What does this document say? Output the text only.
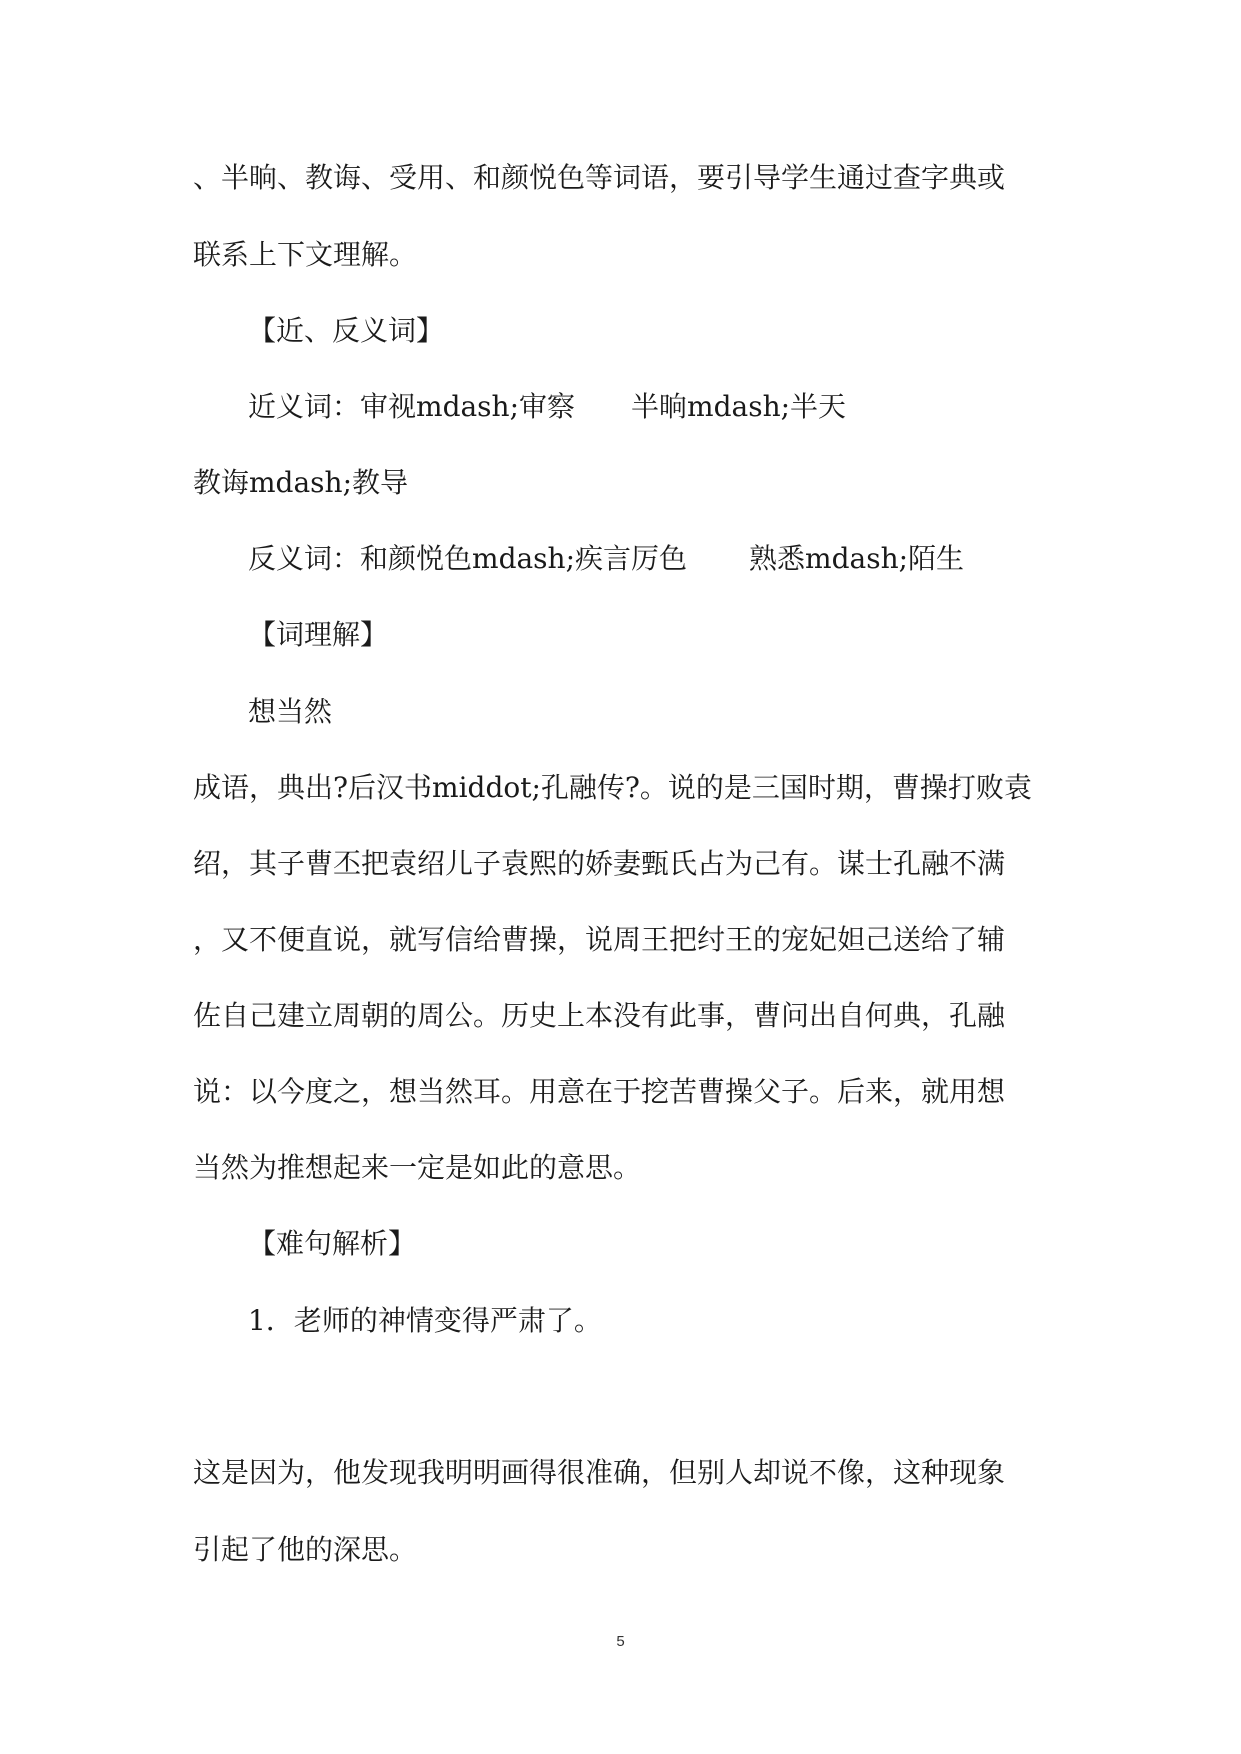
、半晌、教诲、受用、和颜悦色等词语，要引导学生通过查字典或
联系上下文理解。
【近、反义词】
近义词：审视mdash;审察 半晌mdash;半天
教诲mdash;教导
反义词：和颜悦色mdash;疾言厉色 熟悉mdash;陌生
【词理解】
想当然
成语，典出?后汉书middot;孔融传?。说的是三国时期，曹操打败袁
绍，其子曹丕把袁绍儿子袁熙的娇妻甄氏占为己有。谋士孔融不满
，又不便直说，就写信给曹操，说周王把纣王的宠妃妲己送给了辅
佐自己建立周朝的周公。历史上本没有此事，曹问出自何典，孔融
说：以今度之，想当然耳。用意在于挖苦曹操父子。后来，就用想
当然为推想起来一定是如此的意思。
【难句解析】
1．老师的神情变得严肃了。
这是因为，他发现我明明画得很准确，但别人却说不像，这种现象
引起了他的深思。
5
